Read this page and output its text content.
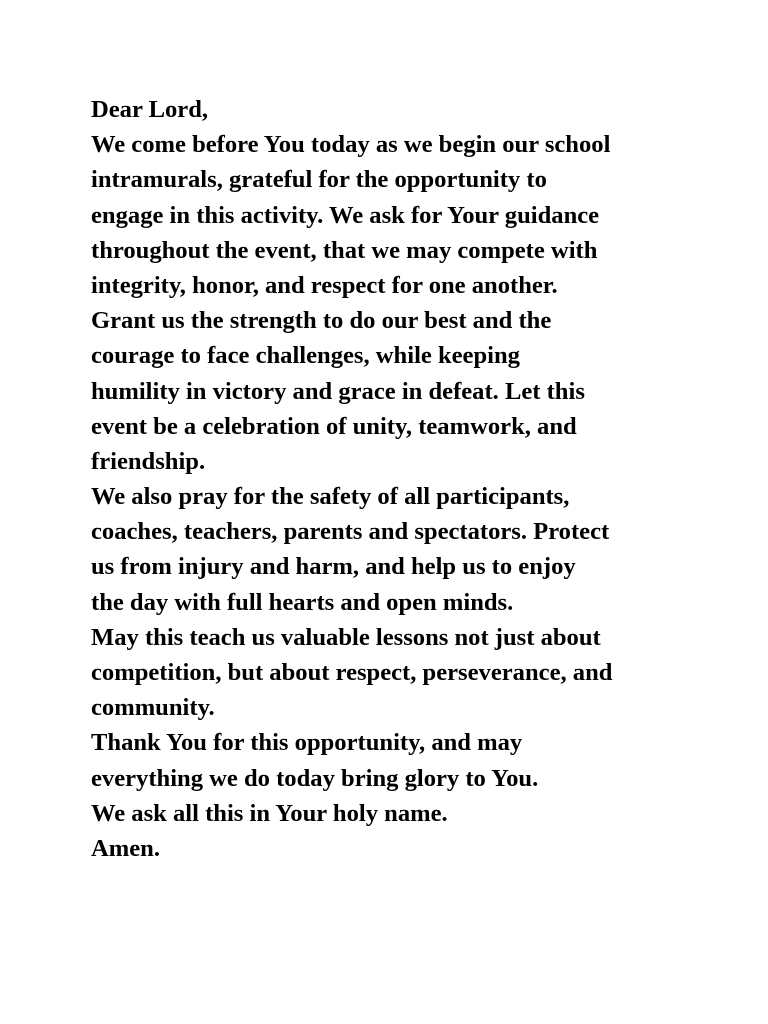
Dear Lord,
We come before You today as we begin our school
intramurals, grateful for the opportunity to
engage in this activity. We ask for Your guidance
throughout the event, that we may compete with
integrity, honor, and respect for one another.
Grant us the strength to do our best and the
courage to face challenges, while keeping
humility in victory and grace in defeat. Let this
event be a celebration of unity, teamwork, and
friendship.
We also pray for the safety of all participants,
coaches, teachers, parents and spectators. Protect
us from injury and harm, and help us to enjoy
the day with full hearts and open minds.
May this teach us valuable lessons not just about
competition, but about respect, perseverance, and
community.
Thank You for this opportunity, and may
everything we do today bring glory to You.
We ask all this in Your holy name.
Amen.
